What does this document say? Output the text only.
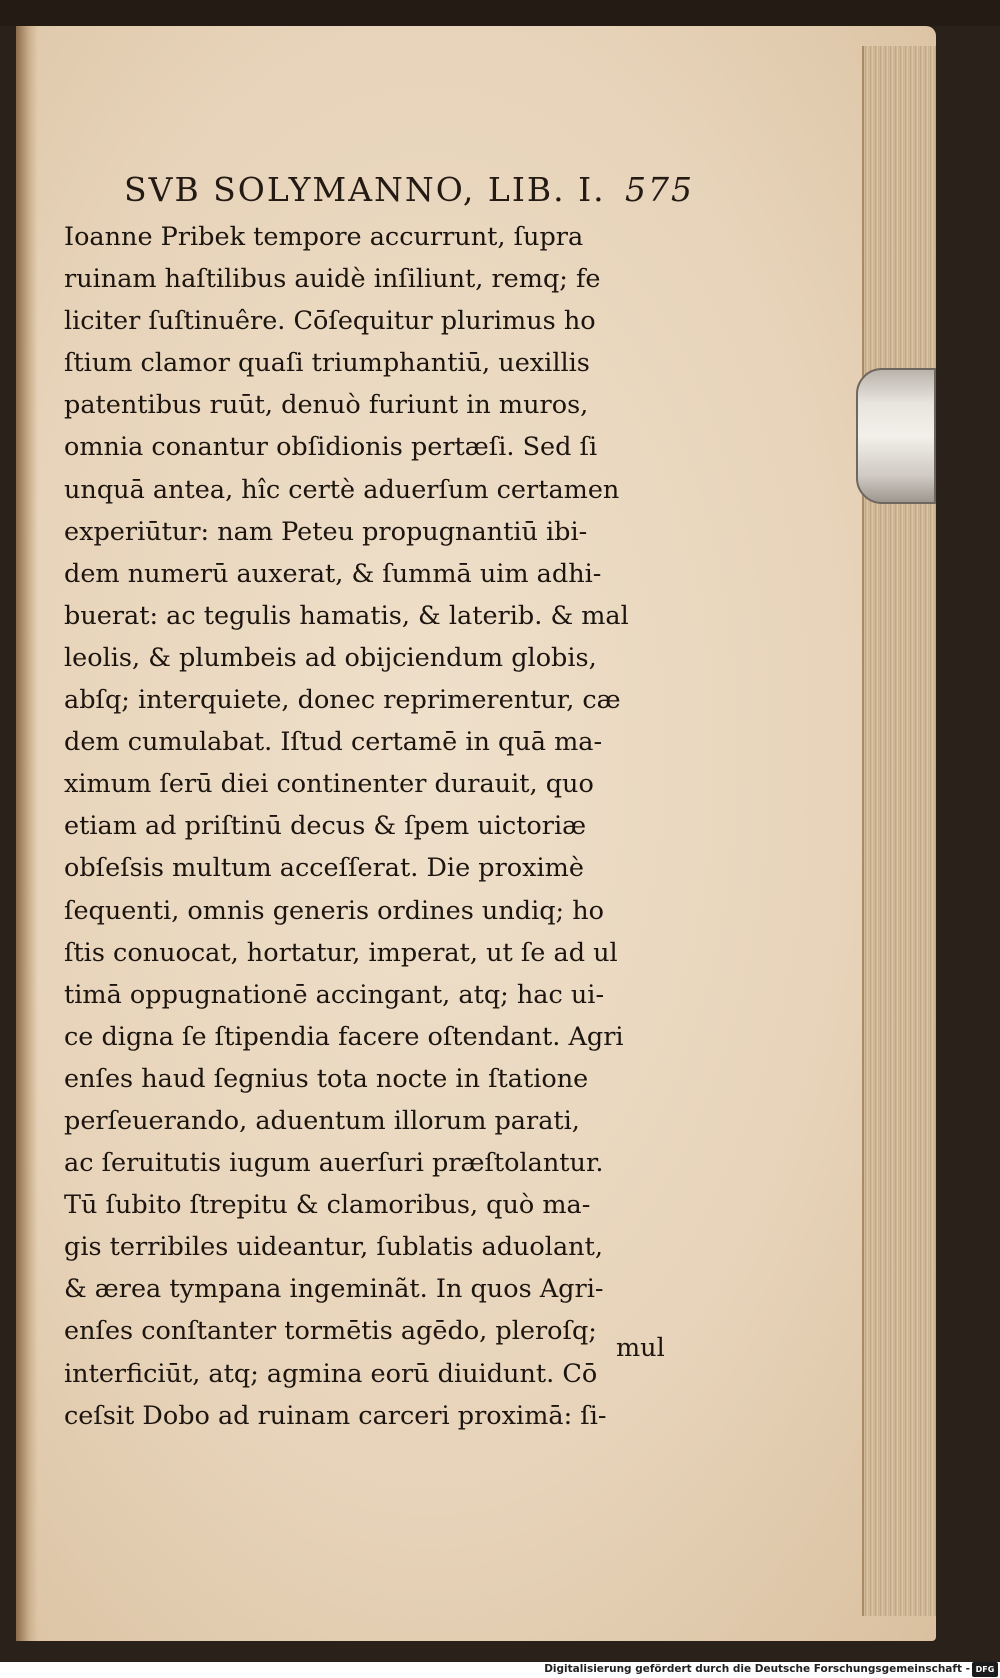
SVB SOLYMANNO, LIB. I. 575
Ioanne Pribek tempore accurrunt, ſupra
ruinam haſtilibus auidè inſiliunt, remq; fe
liciter ſuſtinuêre. Cōſequitur plurimus ho
ſtium clamor quaſi triumphantiū, uexillis
patentibus ruūt, denuò furiunt in muros,
omnia conantur obſidionis pertæſi. Sed ſi
unquā antea, hîc certè aduerſum certamen
experiūtur: nam Peteu propugnantiū ibi-
dem numerū auxerat, & ſummā uim adhi-
buerat: ac tegulis hamatis, & laterib. & mal
leolis, & plumbeis ad obijciendum globis,
abſq; interquiete, donec reprimerentur, cæ
dem cumulabat. Iſtud certamē in quā ma-
ximum ſerū diei continenter durauit, quo
etiam ad priſtinū decus & ſpem uictoriæ
obſeſsis multum acceſſerat. Die proximè
ſequenti, omnis generis ordines undiq; ho
ſtis conuocat, hortatur, imperat, ut ſe ad ul
timā oppugnationē accingant, atq; hac ui-
ce digna ſe ſtipendia facere oſtendant. Agri
enſes haud ſegnius tota nocte in ſtatione
perſeuerando, aduentum illorum parati,
ac ſeruitutis iugum auerſuri præſtolantur.
Tū ſubito ſtrepitu & clamoribus, quò ma-
gis terribiles uideantur, ſublatis aduolant,
& ærea tympana ingeminãt. In quos Agri-
enſes conſtanter tormētis agēdo, pleroſq;
interficiūt, atq; agmina eorū diuidunt. Cō
ceſsit Dobo ad ruinam carceri proximā: ſi-
mul
Digitalisierung gefördert durch die Deutsche Forschungsgemeinschaft - DFG
